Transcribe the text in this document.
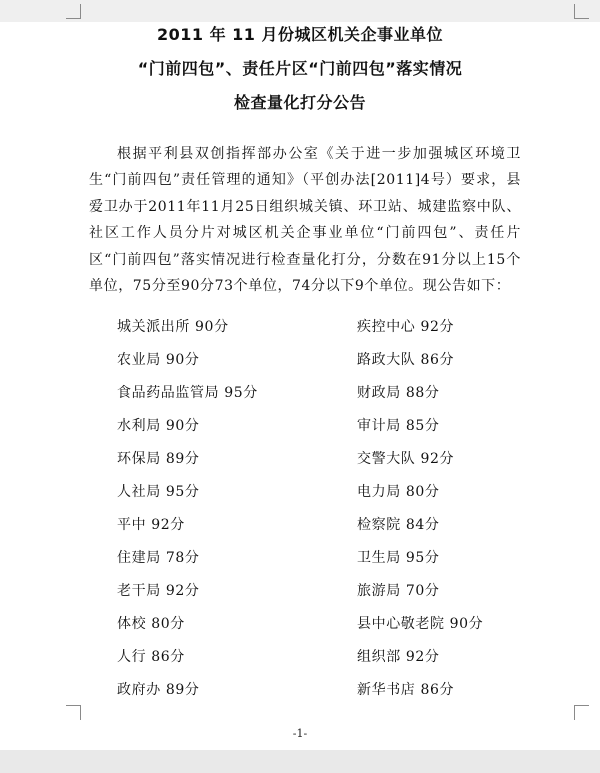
2011 年 11 月份城区机关企事业单位
“门前四包”、责任片区“门前四包”落实情况
检查量化打分公告
根据平利县双创指挥部办公室《关于进一步加强城区环境卫生“门前四包”责任管理的通知》（平创办法[2011]4号）要求，县爱卫办于2011年11月25日组织城关镇、环卫站、城建监察中队、社区工作人员分片对城区机关企事业单位“门前四包”、责任片区“门前四包”落实情况进行检查量化打分，分数在91分以上15个单位，75分至90分73个单位，74分以下9个单位。现公告如下：
城关派出所 90分
农业局 90分
食品药品监管局 95分
水利局 90分
环保局 89分
人社局 95分
平中 92分
住建局 78分
老干局 92分
体校 80分
人行 86分
政府办 89分
疾控中心 92分
路政大队 86分
财政局 88分
审计局 85分
交警大队 92分
电力局 80分
检察院 84分
卫生局 95分
旅游局 70分
县中心敬老院 90分
组织部 92分
新华书店 86分
-1-
